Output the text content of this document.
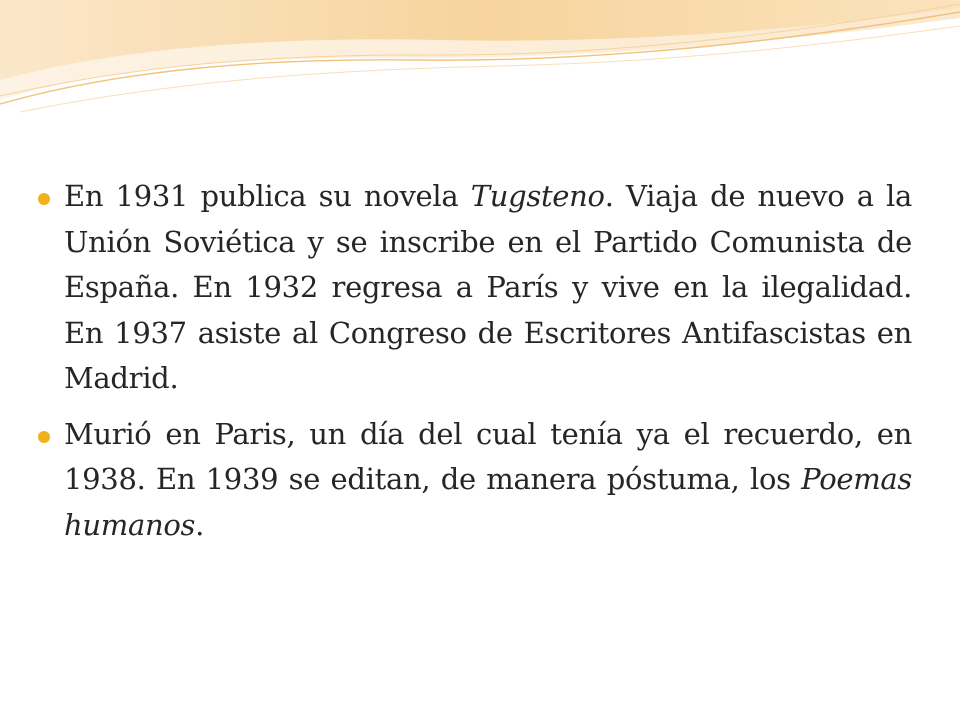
En 1931 publica su novela Tugsteno. Viaja de nuevo a la Unión Soviética y se inscribe en el Partido Comunista de España. En 1932 regresa a París y vive en la ilegalidad. En 1937 asiste al Congreso de Escritores Antifascistas en Madrid.

Murió en Paris, un día del cual tenía ya el recuerdo, en 1938. En 1939 se editan, de manera póstuma, los Poemas humanos.
